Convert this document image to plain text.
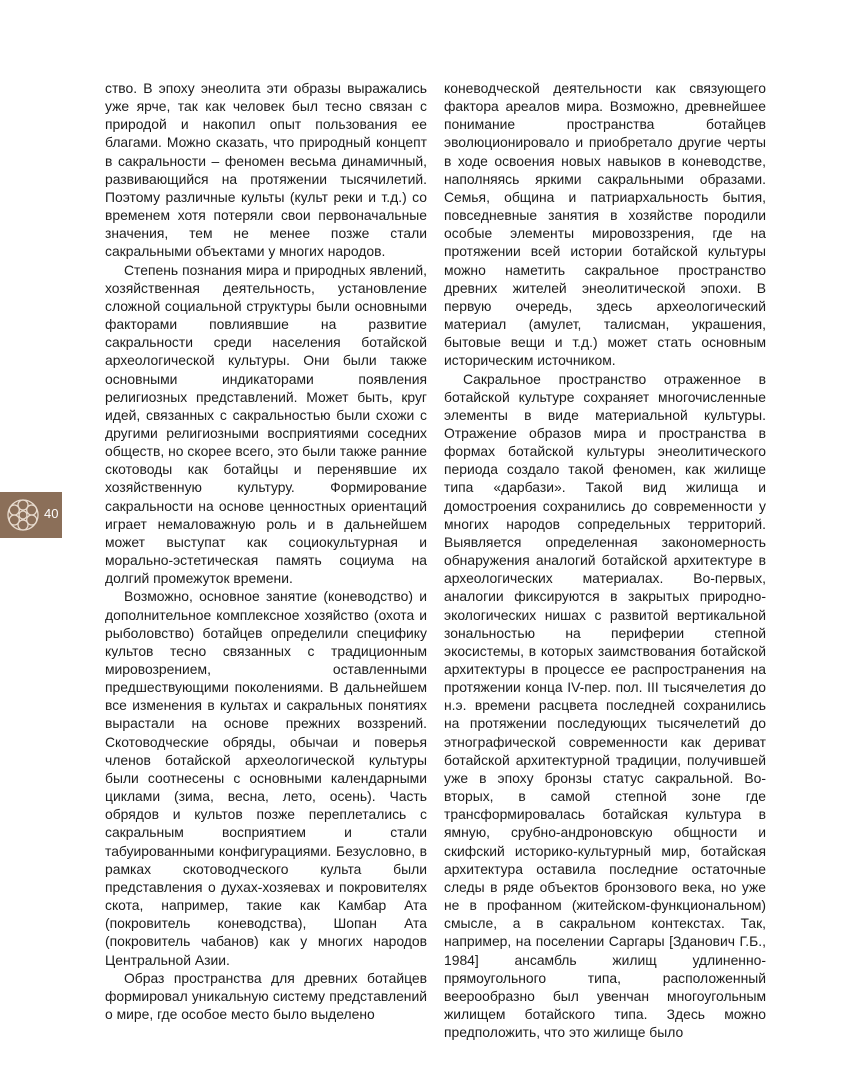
ство. В эпоху энеолита эти образы выражались уже ярче, так как человек был тесно связан с природой и накопил опыт пользования ее благами. Можно сказать, что природный концепт в сакральности – феномен весьма динамичный, развивающийся на протяжении тысячилетий. Поэтому различные культы (культ реки и т.д.) со временем хотя потеряли свои первоначальные значения, тем не менее позже стали сакральными объектами у многих народов.

Степень познания мира и природных явлений, хозяйственная деятельность, установление сложной социальной структуры были основными факторами повлиявшие на развитие сакральности среди населения ботайской археологической культуры. Они были также основными индикаторами появления религиозных представлений. Может быть, круг идей, связанных с сакральностью были схожи с другими религиозными восприятиями соседних обществ, но скорее всего, это были также ранние скотоводы как ботайцы и перенявшие их хозяйственную культуру. Формирование сакральности на основе ценностных ориентаций играет немаловажную роль и в дальнейшем может выступат как социокультурная и морально-эстетическая память социума на долгий промежуток времени.

Возможно, основное занятие (коневодство) и дополнительное комплексное хозяйство (охота и рыболовство) ботайцев определили специфику культов тесно связанных с традиционным мировозрением, оставленными предшествующими поколениями. В дальнейшем все изменения в культах и сакральных понятиях вырастали на основе прежних воззрений. Скотоводческие обряды, обычаи и поверья членов ботайской археологической культуры были соотнесены с основными календарными циклами (зима, весна, лето, осень). Часть обрядов и культов позже переплетались с сакральным восприятием и стали табуированными конфигурациями. Безусловно, в рамках скотоводческого культа были представления о духах-хозяевах и покровителях скота, например, такие как Камбар Ата (покровитель коневодства), Шопан Ата (покровитель чабанов) как у многих народов Центральной Азии.

Образ пространства для древних ботайцев формировал уникальную систему представлений о мире, где особое место было выделено

коневодческой деятельности как связующего фактора ареалов мира. Возможно, древнейшее понимание пространства ботайцев эволюционировало и приобретало другие черты в ходе освоения новых навыков в коневодстве, наполняясь яркими сакральными образами. Семья, община и патриархальность бытия, повседневные занятия в хозяйстве породили особые элементы мировоззрения, где на протяжении всей истории ботайской культуры можно наметить сакральное пространство древних жителей энеолитической эпохи. В первую очередь, здесь археологический материал (амулет, талисман, украшения, бытовые вещи и т.д.) может стать основным историческим источником.

Сакральное пространство отраженное в ботайской культуре сохраняет многочисленные элементы в виде материальной культуры. Отражение образов мира и пространства в формах ботайской культуры энеолитического периода создало такой феномен, как жилище типа «дарбази». Такой вид жилища и домостроения сохранились до современности у многих народов сопредельных территорий. Выявляется определенная закономерность обнаружения аналогий ботайской архитектуре в археологических материалах. Во-первых, аналогии фиксируются в закрытых природно-экологических нишах с развитой вертикальной зональностью на периферии степной экосистемы, в которых заимствования ботайской архитектуры в процессе ее распространения на протяжении конца IV-пер. пол. III тысячелетия до н.э. времени расцвета последней сохранились на протяжении последующих тысячелетий до этнографической современности как дериват ботайской архитектурной традиции, получившей уже в эпоху бронзы статус сакральной. Во-вторых, в самой степной зоне где трансформировалась ботайская культура в ямную, срубно-андроновскую общности и скифский историко-культурный мир, ботайская архитектура оставила последние остаточные следы в ряде объектов бронзового века, но уже не в профанном (житейском-функциональном) смысле, а в сакральном контекстах. Так, например, на поселении Саргары [Зданович Г.Б., 1984] ансамбль жилищ удлиненно-прямоугольного типа, расположенный веерообразно был увенчан многоугольным жилищем ботайского типа. Здесь можно предположить, что это жилище было

40
